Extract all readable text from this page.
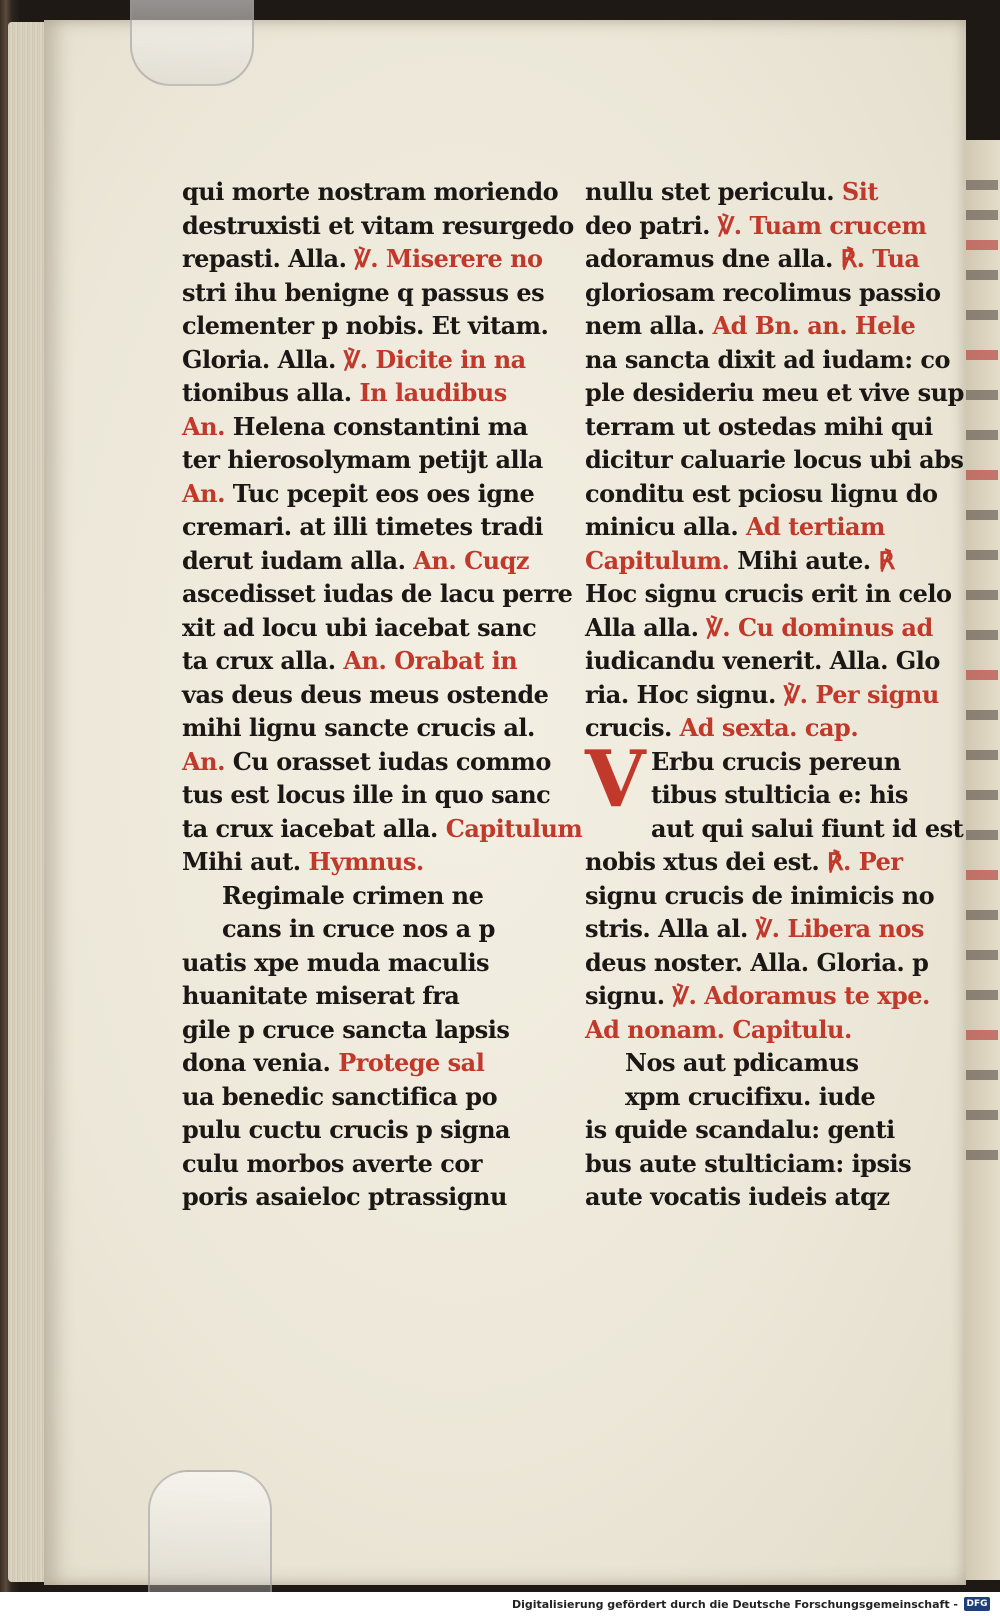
qui morte nostram moriendo
destruxisti et vitam resurgedo
repasti. Alla. ℣. Miserere no
stri ihu benigne q passus es
clementer p nobis. Et vitam.
Gloria. Alla. ℣. Dicite in na
tionibus alla. In laudibus
An. Helena constantini ma
ter hierosolymam petijt alla
An. Tuc pcepit eos oes igne
cremari. at illi timetes tradi
derut iudam alla. An. Cuqz
ascedisset iudas de lacu perre
xit ad locu ubi iacebat sanc
ta crux alla. An. Orabat in
vas deus deus meus ostende
mihi lignu sancte crucis al.
An. Cu orasset iudas commo
tus est locus ille in quo sanc
ta crux iacebat alla. Capitulum
Mihi aut. Hymnus.
Regimale crimen ne
cans in cruce nos a p
uatis xpe muda maculis
huanitate miserat fra
gile p cruce sancta lapsis
dona venia. Protege sal
ua benedic sanctifica po
pulu cuctu crucis p signa
culu morbos averte cor
poris asaieloc ptrassignu
nullu stet periculu. Sit
deo patri. ℣. Tuam crucem
adoramus dne alla. ℟. Tua
gloriosam recolimus passio
nem alla. Ad Bn. an. Hele
na sancta dixit ad iudam: co
ple desideriu meu et vive sup
terram ut ostedas mihi qui
dicitur caluarie locus ubi abs
conditu est pciosu lignu do
minicu alla. Ad tertiam
Capitulum. Mihi aute. ℟
Hoc signu crucis erit in celo
Alla alla. ℣. Cu dominus ad
iudicandu venerit. Alla. Glo
ria. Hoc signu. ℣. Per signu
crucis. Ad sexta. cap.
V Erbu crucis pereun
tibus stulticia e: his
aut qui salui fiunt id est
nobis xtus dei est. ℟. Per
signu crucis de inimicis no
stris. Alla al. ℣. Libera nos
deus noster. Alla. Gloria. p
signu. ℣. Adoramus te xpe.
Ad nonam. Capitulu.
Nos aut pdicamus
xpm crucifixu. iude
is quide scandalu: genti
bus aute stulticiam: ipsis
aute vocatis iudeis atqz
Digitalisierung gefördert durch die Deutsche Forschungsgemeinschaft - DFG
